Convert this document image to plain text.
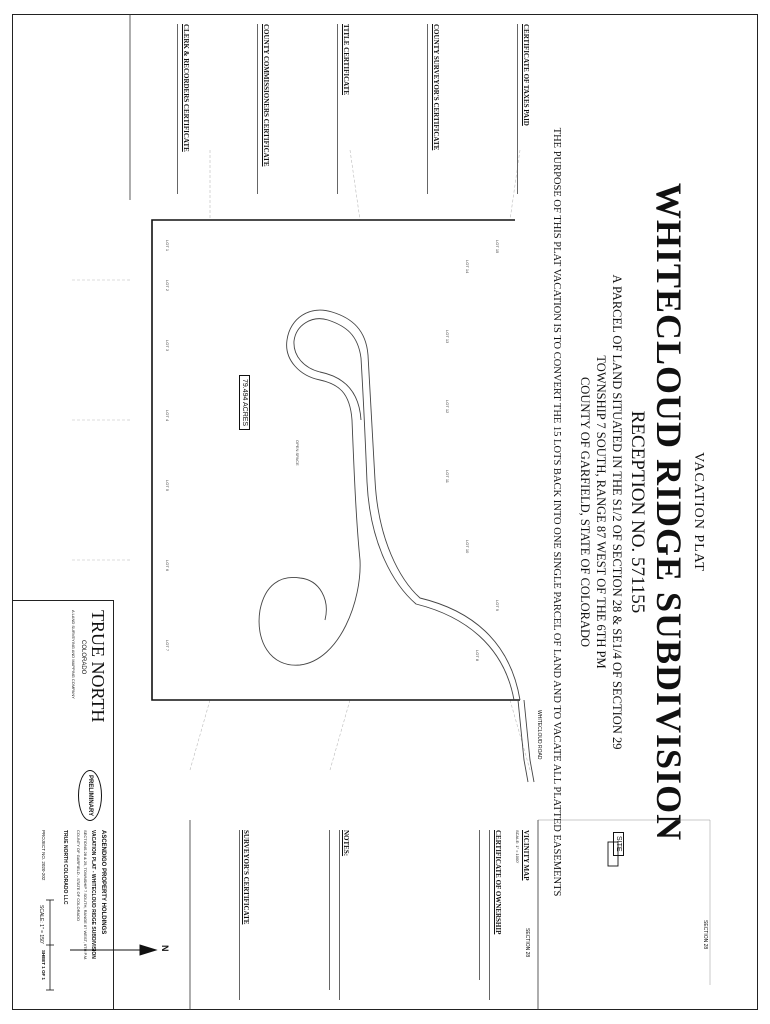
VACATION PLAT
WHITECLOUD RIDGE SUBDIVISION
RECEPTION NO. 571155
A PARCEL OF LAND SITUATED IN THE S1/2 OF SECTION 28 & SE1/4 OF SECTION 29
TOWNSHIP 7 SOUTH, RANGE 87 WEST OF THE 6TH PM
COUNTY OF GARFIELD, STATE OF COLORADO
THE PURPOSE OF THIS PLAT VACATION IS TO CONVERT THE 15 LOTS BACK INTO ONE SINGLE PARCEL OF LAND AND TO VACATE ALL PLATTED EASEMENTS
79.494 ACRES
WHITECLOUD ROAD
OPEN SPACE
LOT 1
LOT 2
LOT 3
LOT 4
LOT 5
LOT 6
LOT 7
LOT 8
LOT 9
LOT 10
LOT 11
LOT 12
LOT 13
LOT 14
LOT 15
SECTION 28
N
SCALE: 1" = 150'
SITE
SECTION 28
VICINITY MAP
SCALE: 1" = 1000'
CERTIFICATE OF OWNERSHIP
NOTES:
SURVEYOR'S CERTIFICATE
CERTIFICATE OF TAXES PAID
COUNTY SURVEYOR'S CERTIFICATE
TITLE CERTIFICATE
COUNTY COMMISSIONERS CERTIFICATE
CLERK & RECORDERS CERTIFICATE
TRUE NORTH
COLORADO
A LAND SURVEYING AND MAPPING COMPANY
PRELIMINARY
ASCENDIGO PROPERTY HOLDINGS
VACATION PLAT - WHITECLOUD RIDGE SUBDIVISION
SECTIONS 28 & 29, TOWNSHIP 7 SOUTH, RANGE 87 WEST, 6TH P.M.
COUNTY OF GARFIELD - STATE OF COLORADO
TRUE NORTH COLORADO LLC
PROJECT NO. 2020-202
SHEET 1 OF 1
